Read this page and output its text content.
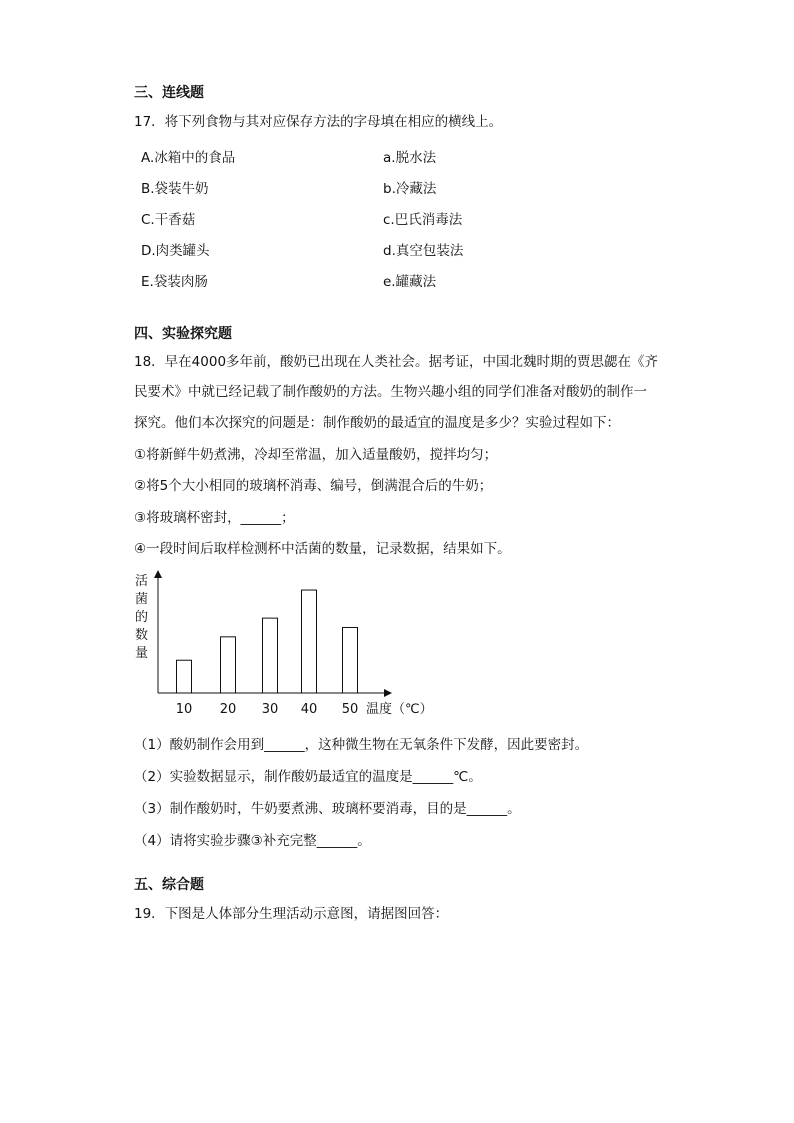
三、连线题
17．将下列食物与其对应保存方法的字母填在相应的横线上。
A.冰箱中的食品
B.袋装牛奶
C.干香菇
D.肉类罐头
E.袋装肉肠
a.脱水法
b.冷藏法
c.巴氏消毒法
d.真空包装法
e.罐藏法
四、实验探究题
18．早在4000多年前，酸奶已出现在人类社会。据考证，中国北魏时期的贾思勰在《齐
民要术》中就已经记载了制作酸奶的方法。生物兴趣小组的同学们准备对酸奶的制作一
探究。他们本次探究的问题是：制作酸奶的最适宜的温度是多少？实验过程如下：
①将新鲜牛奶煮沸，冷却至常温，加入适量酸奶，搅拌均匀；
②将5个大小相同的玻璃杯消毒、编号，倒满混合后的牛奶；
③将玻璃杯密封，______；
④一段时间后取样检测杯中活菌的数量，记录数据，结果如下。
活
菌
的
数
量
10 20 30 40 50 温度（℃）
（1）酸奶制作会用到______，这种微生物在无氧条件下发酵，因此要密封。
（2）实验数据显示，制作酸奶最适宜的温度是______℃。
（3）制作酸奶时，牛奶要煮沸、玻璃杯要消毒，目的是______。
（4）请将实验步骤③补充完整______。
五、综合题
19．下图是人体部分生理活动示意图，请据图回答：
